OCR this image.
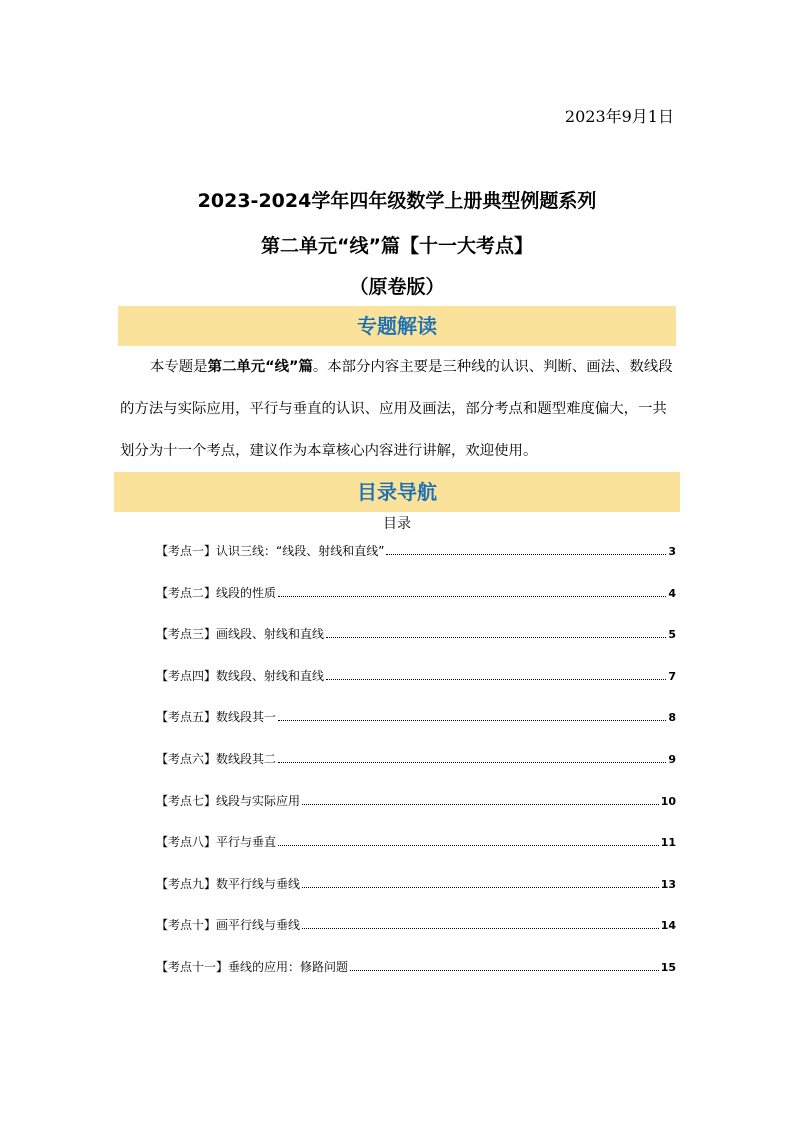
2023年9月1日
2023-2024学年四年级数学上册典型例题系列
第二单元“线”篇【十一大考点】
（原卷版）
专题解读
本专题是第二单元“线”篇。本部分内容主要是三种线的认识、判断、画法、数线段的方法与实际应用，平行与垂直的认识、应用及画法，部分考点和题型难度偏大，一共划分为十一个考点，建议作为本章核心内容进行讲解，欢迎使用。
目录导航
目录
【考点一】认识三线：“线段、射线和直线”	3
【考点二】线段的性质	4
【考点三】画线段、射线和直线	5
【考点四】数线段、射线和直线	7
【考点五】数线段其一	8
【考点六】数线段其二	9
【考点七】线段与实际应用	10
【考点八】平行与垂直	11
【考点九】数平行线与垂线	13
【考点十】画平行线与垂线	14
【考点十一】垂线的应用：修路问题	15
